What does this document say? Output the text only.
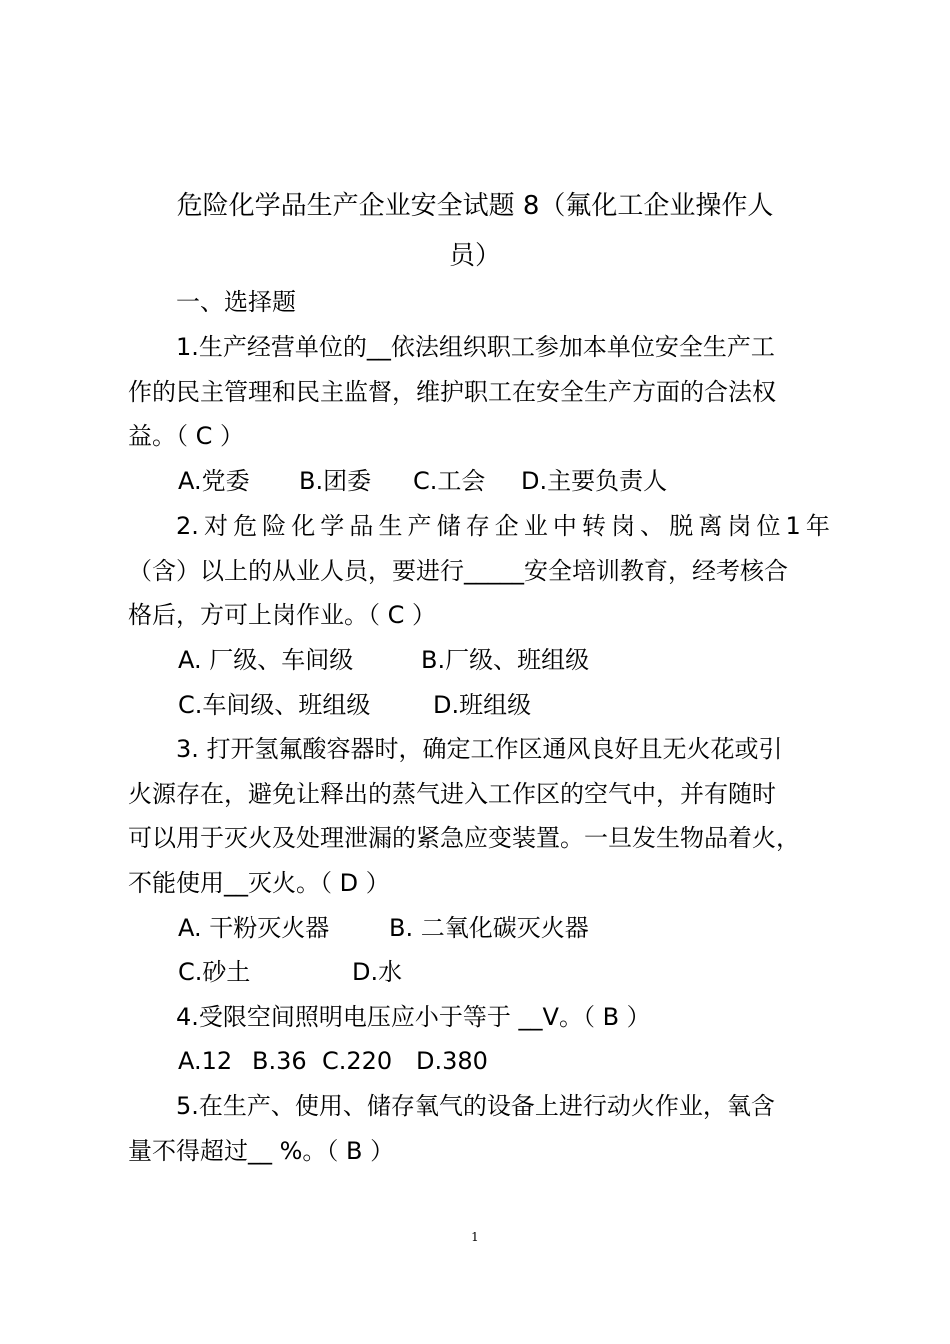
危险化学品生产企业安全试题 8（氟化工企业操作人
员）
一、选择题
1.生产经营单位的__依法组织职工参加本单位安全生产工
作的民主管理和民主监督，维护职工在安全生产方面的合法权
益。（ C ）
A.党委 B.团委 C.工会 D.主要负责人
2. 对 危 险 化 学 品 生 产 储 存 企 业 中 转 岗 、 脱 离 岗 位 1 年
（含）以上的从业人员，要进行_____安全培训教育，经考核合
格后，方可上岗作业。（ C ）
A. 厂级、车间级	B.厂级、班组级
C.车间级、班组级	D.班组级
3. 打开氢氟酸容器时，确定工作区通风良好且无火花或引
火源存在，避免让释出的蒸气进入工作区的空气中，并有随时
可以用于灭火及处理泄漏的紧急应变装置。一旦发生物品着火，
不能使用__灭火。（ D ）
A. 干粉灭火器 B. 二氧化碳灭火器
C.砂土	D.水
4.受限空间照明电压应小于等于 __V。（ B ）
A.12 B.36 C.220 D.380
5.在生产、使用、储存氧气的设备上进行动火作业，氧含
量不得超过__ %。（ B ）
1
